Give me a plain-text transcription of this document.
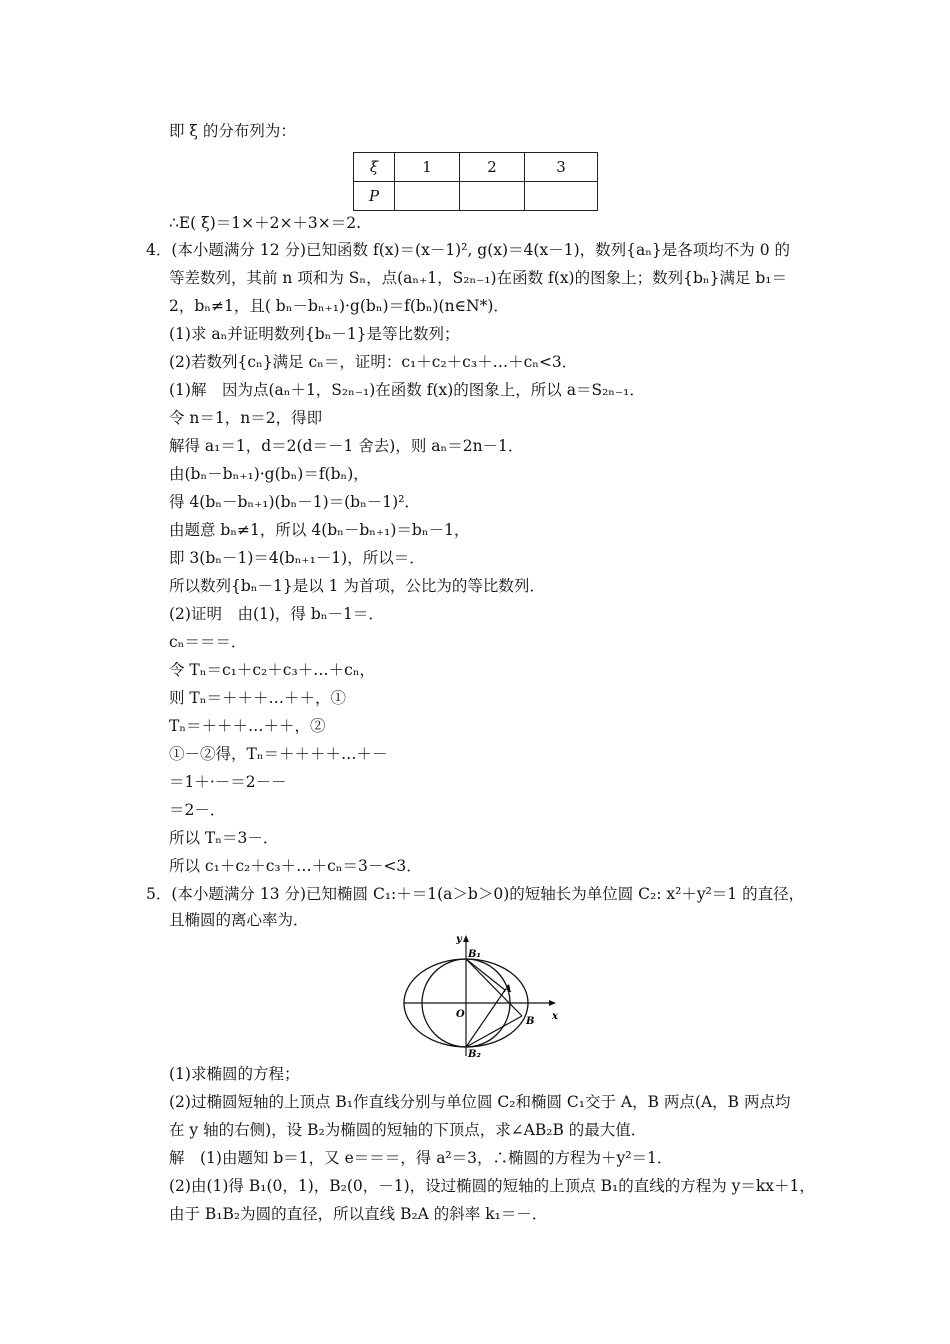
即 ξ 的分布列为：
ξ	1	2	3
P			
∴E( ξ)＝1×＋2×＋3×＝2.
4．(本小题满分 12 分)已知函数 f(x)＝(x－1)², g(x)＝4(x－1)，数列{aₙ}是各项均不为 0 的
等差数列，其前 n 项和为 Sₙ，点(aₙ₊1，S₂ₙ₋₁)在函数 f(x)的图象上；数列{bₙ}满足 b₁＝
2，bₙ≠1，且( bₙ－bₙ₊₁)·g(bₙ)＝f(bₙ)(n∈N*)．
(1)求 aₙ并证明数列{bₙ－1}是等比数列；
(2)若数列{cₙ}满足 cₙ＝，证明：c₁＋c₂＋c₃＋…＋cₙ<3．
(1)解　因为点(aₙ＋1，S₂ₙ₋₁)在函数 f(x)的图象上，所以 a＝S₂ₙ₋₁．
令 n＝1，n＝2，得即
解得 a₁＝1，d＝2(d＝－1 舍去)，则 aₙ＝2n－1．
由(bₙ－bₙ₊₁)·g(bₙ)＝f(bₙ)，
得 4(bₙ－bₙ₊₁)(bₙ－1)＝(bₙ－1)²．
由题意 bₙ≠1，所以 4(bₙ－bₙ₊₁)＝bₙ－1，
即 3(bₙ－1)＝4(bₙ₊₁－1)，所以＝．
所以数列{bₙ－1}是以 1 为首项，公比为的等比数列．
(2)证明　由(1)，得 bₙ－1＝．
cₙ＝＝＝．
令 Tₙ＝c₁＋c₂＋c₃＋…＋cₙ，
则 Tₙ＝＋＋＋…＋＋，①
Tₙ＝＋＋＋…＋＋，②
①－②得，Tₙ＝＋＋＋＋…＋－
＝1＋·－＝2－－
＝2－．
所以 Tₙ＝3－．
所以 c₁＋c₂＋c₃＋…＋cₙ＝3－<3．
5．(本小题满分 13 分)已知椭圆 C₁:＋＝1(a＞b＞0)的短轴长为单位圆 C₂: x²＋y²＝1 的直径，
且椭圆的离心率为．
y
x
B₁
B₂
A
B
O
(1)求椭圆的方程；
(2)过椭圆短轴的上顶点 B₁作直线分别与单位圆 C₂和椭圆 C₁交于 A，B 两点(A，B 两点均
在 y 轴的右侧)，设 B₂为椭圆的短轴的下顶点，求∠AB₂B 的最大值．
解　(1)由题知 b＝1，又 e＝＝＝，得 a²＝3，∴椭圆的方程为＋y²＝1．
(2)由(1)得 B₁(0，1)，B₂(0，－1)，设过椭圆的短轴的上顶点 B₁的直线的方程为 y＝kx＋1，
由于 B₁B₂为圆的直径，所以直线 B₂A 的斜率 k₁＝－．
